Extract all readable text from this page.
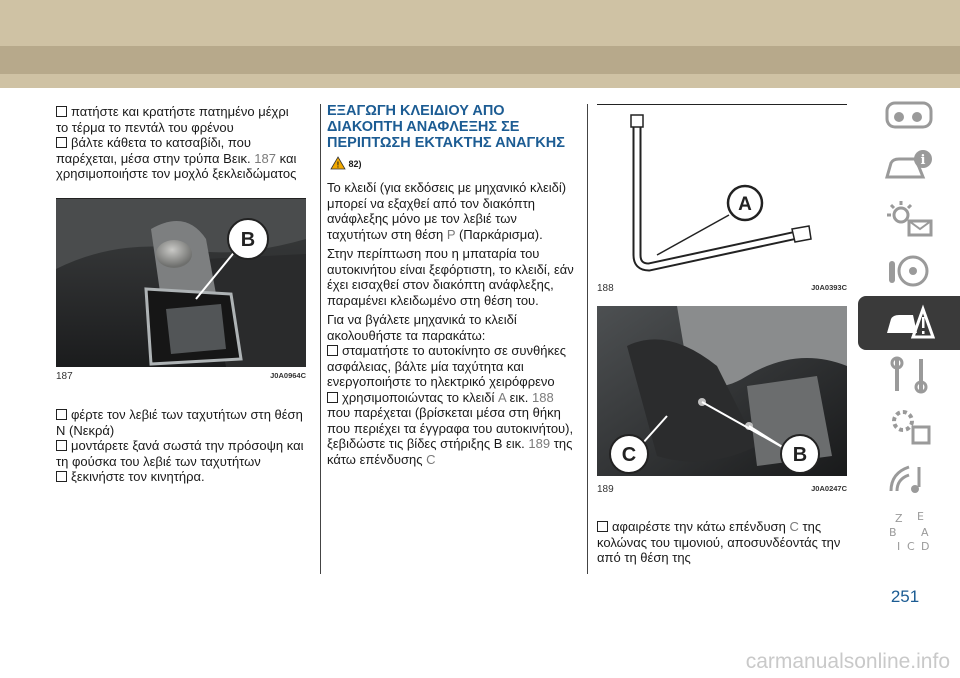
πατήστε και κρατήστε πατημένο μέχρι το τέρμα το πεντάλ του φρένου

βάλτε κάθετα το κατσαβίδι, που παρέχεται, μέσα στην τρύπα Βεικ. 187 και χρησιμοποιήστε τον μοχλό ξεκλειδώματος

B
187	J0A0964C

φέρτε τον λεβιέ των ταχυτήτων στη θέση N (Νεκρά)

μοντάρετε ξανά σωστά την πρόσοψη και τη φούσκα του λεβιέ των ταχυτήτων

ξεκινήστε τον κινητήρα.

ΕΞΑΓΩΓΗ ΚΛΕΙΔΙΟΥ ΑΠΟ ΔΙΑΚΟΠΤΗ ΑΝΑΦΛΕΞΗΣ ΣΕ ΠΕΡΙΠΤΩΣΗ ΕΚΤΑΚΤΗΣ ΑΝΑΓΚΗΣ
! 82)

Το κλειδί (για εκδόσεις με μηχανικό κλειδί) μπορεί να εξαχθεί από τον διακόπτη ανάφλεξης μόνο με τον λεβιέ των ταχυτήτων στη θέση P (Παρκάρισμα).

Στην περίπτωση που η μπαταρία του αυτοκινήτου είναι ξεφόρτιστη, το κλειδί, εάν έχει εισαχθεί στον διακόπτη ανάφλεξης, παραμένει κλειδωμένο στη θέση του.

Για να βγάλετε μηχανικά το κλειδί ακολουθήστε τα παρακάτω:

σταματήστε το αυτοκίνητο σε συνθήκες ασφάλειας, βάλτε μία ταχύτητα και ενεργοποιήστε το ηλεκτρικό χειρόφρενο

χρησιμοποιώντας το κλειδί A εικ. 188 που παρέχεται (βρίσκεται μέσα στη θήκη που περιέχει τα έγγραφα του αυτοκινήτου), ξεβιδώστε τις βίδες στήριξης B εικ. 189 της κάτω επένδυσης C

A
188	J0A0393C
C	B
189	J0A0247C

αφαιρέστε την κάτω επένδυση C της κολώνας του τιμονιού, αποσυνδέοντάς την από τη θέση της

i
Z E
B A
I C D
251
carmanualsonline.info
